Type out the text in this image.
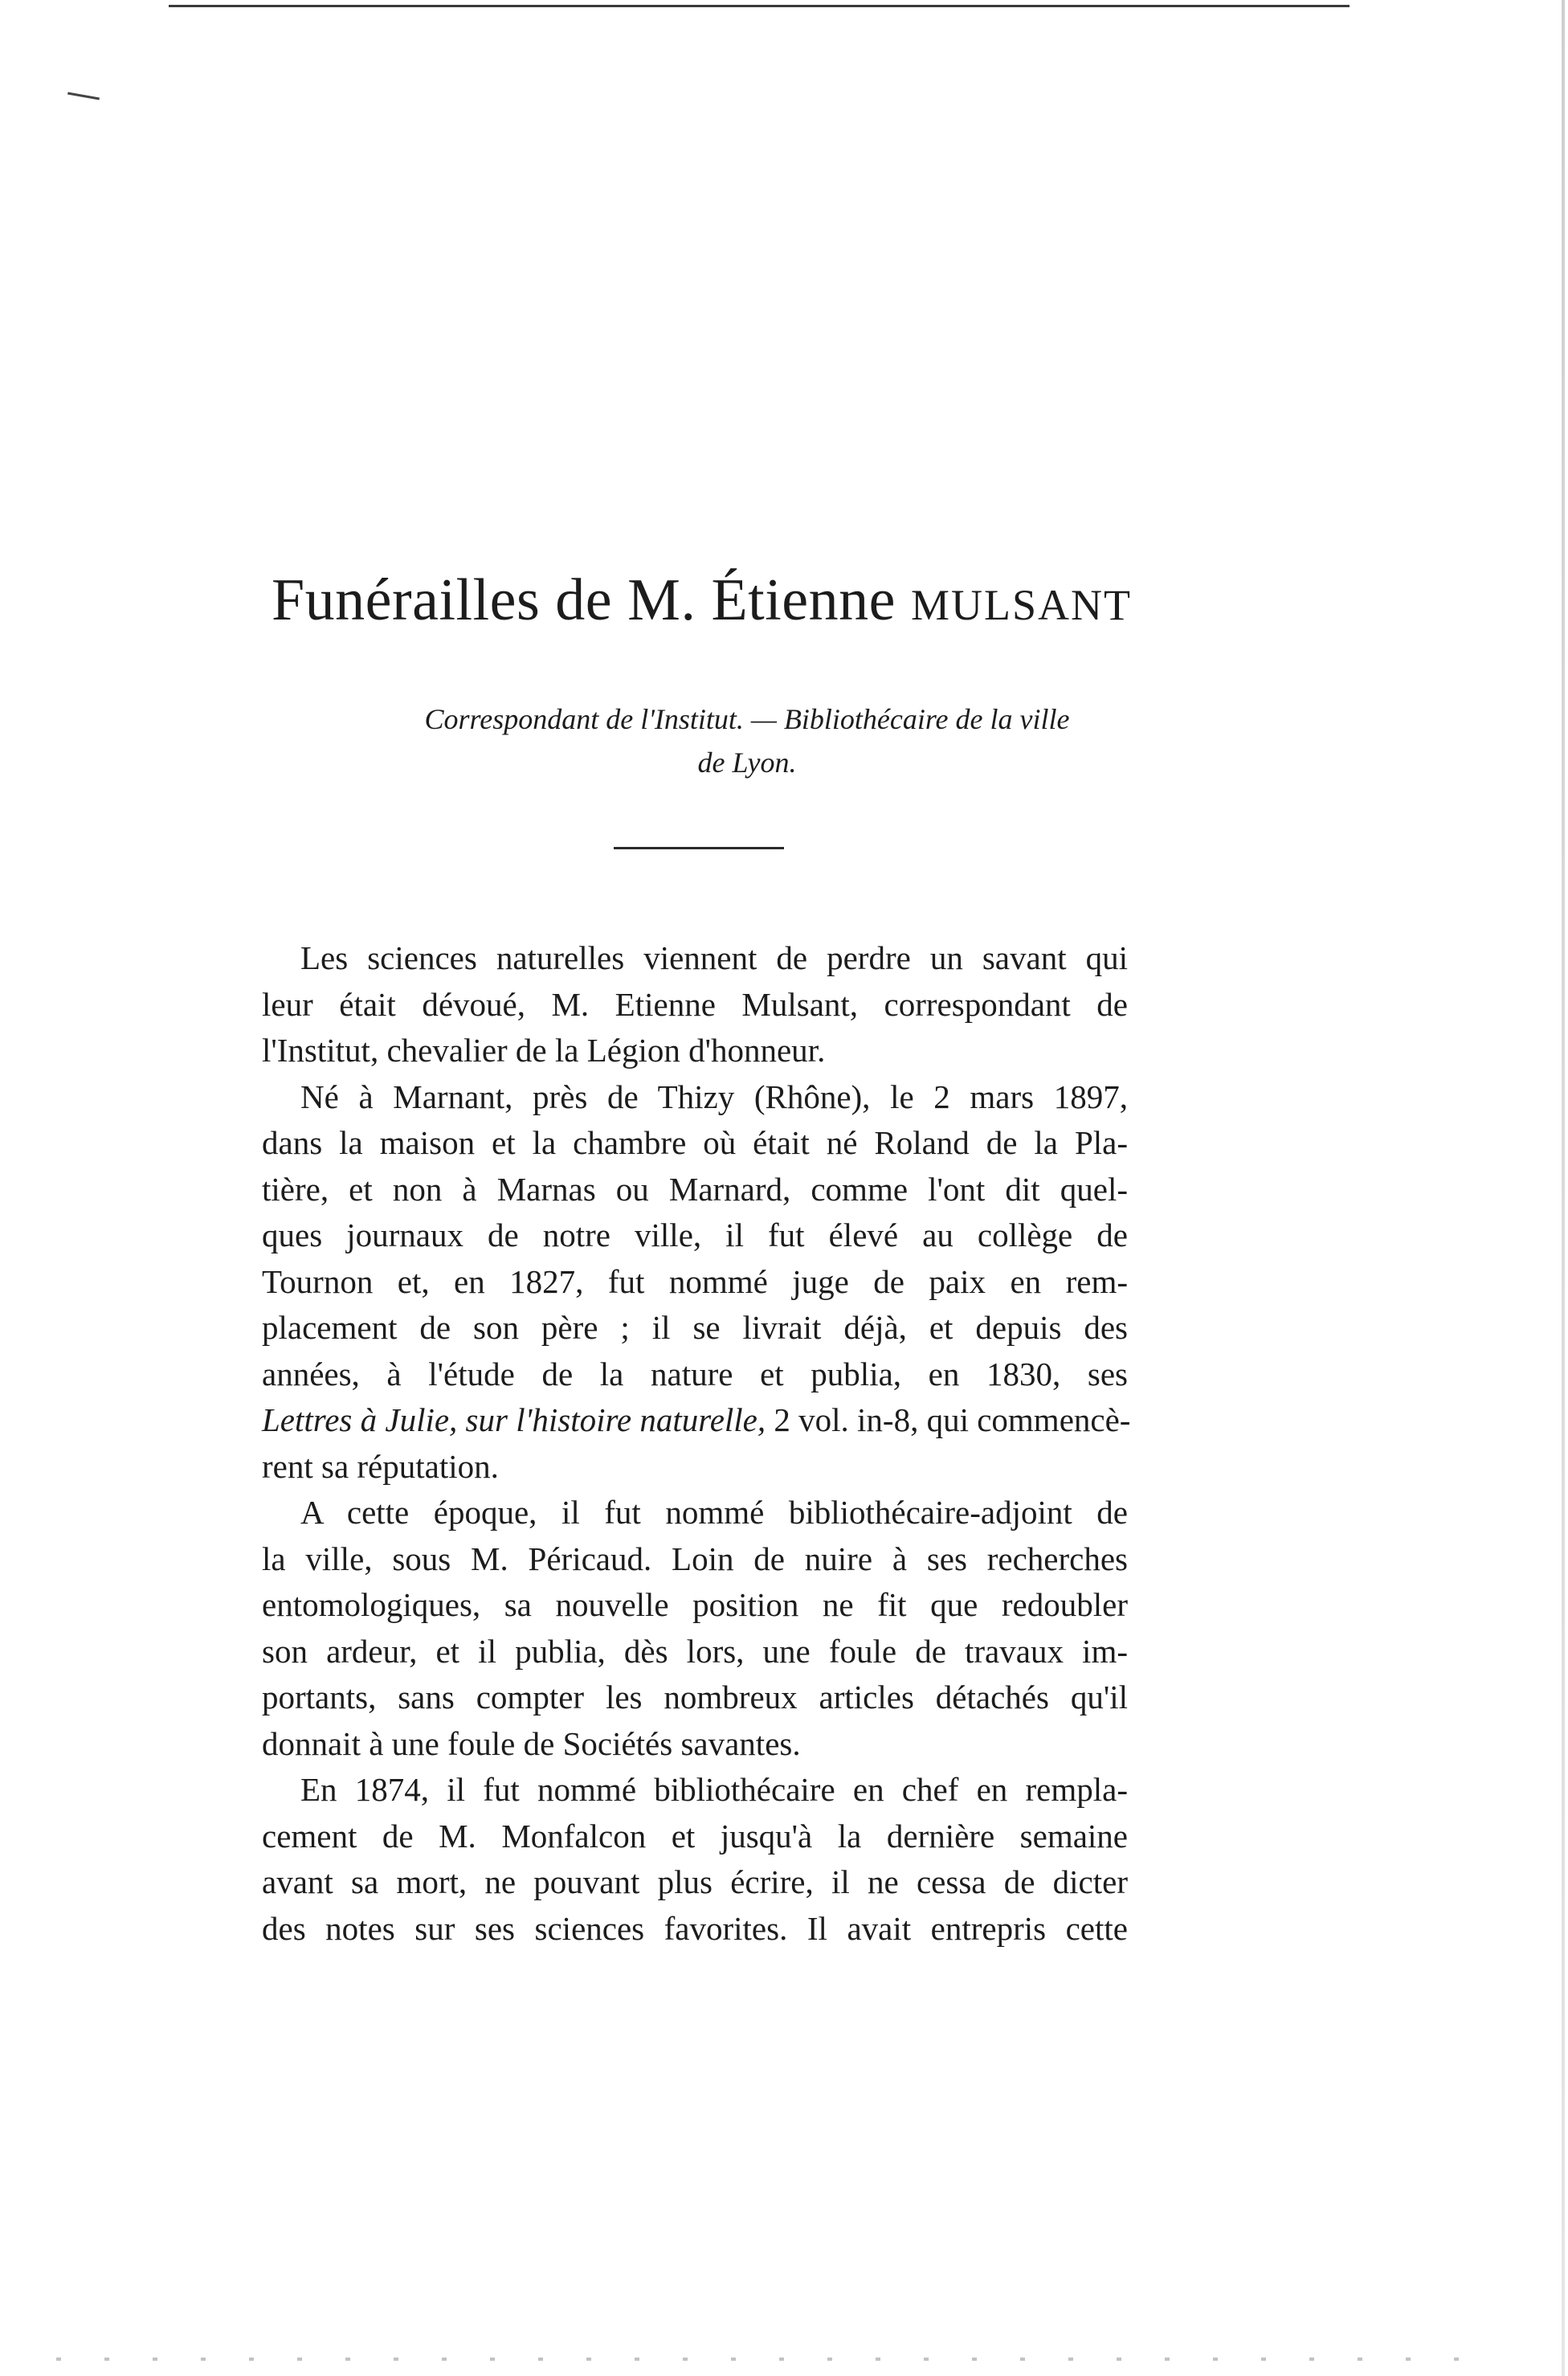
Funérailles de M. Étienne MULSANT
Correspondant de l'Institut. — Bibliothécaire de la ville
de Lyon.
Les sciences naturelles viennent de perdre un savant qui
leur était dévoué, M. Etienne Mulsant, correspondant de
l'Institut, chevalier de la Légion d'honneur.
Né à Marnant, près de Thizy (Rhône), le 2 mars 1897,
dans la maison et la chambre où était né Roland de la Pla-
tière, et non à Marnas ou Marnard, comme l'ont dit quel-
ques journaux de notre ville, il fut élevé au collège de
Tournon et, en 1827, fut nommé juge de paix en rem-
placement de son père ; il se livrait déjà, et depuis des
années, à l'étude de la nature et publia, en 1830, ses
Lettres à Julie, sur l'histoire naturelle, 2 vol. in-8, qui commencè-
rent sa réputation.
A cette époque, il fut nommé bibliothécaire-adjoint de
la ville, sous M. Péricaud. Loin de nuire à ses recherches
entomologiques, sa nouvelle position ne fit que redoubler
son ardeur, et il publia, dès lors, une foule de travaux im-
portants, sans compter les nombreux articles détachés qu'il
donnait à une foule de Sociétés savantes.
En 1874, il fut nommé bibliothécaire en chef en rempla-
cement de M. Monfalcon et jusqu'à la dernière semaine
avant sa mort, ne pouvant plus écrire, il ne cessa de dicter
des notes sur ses sciences favorites. Il avait entrepris cette
